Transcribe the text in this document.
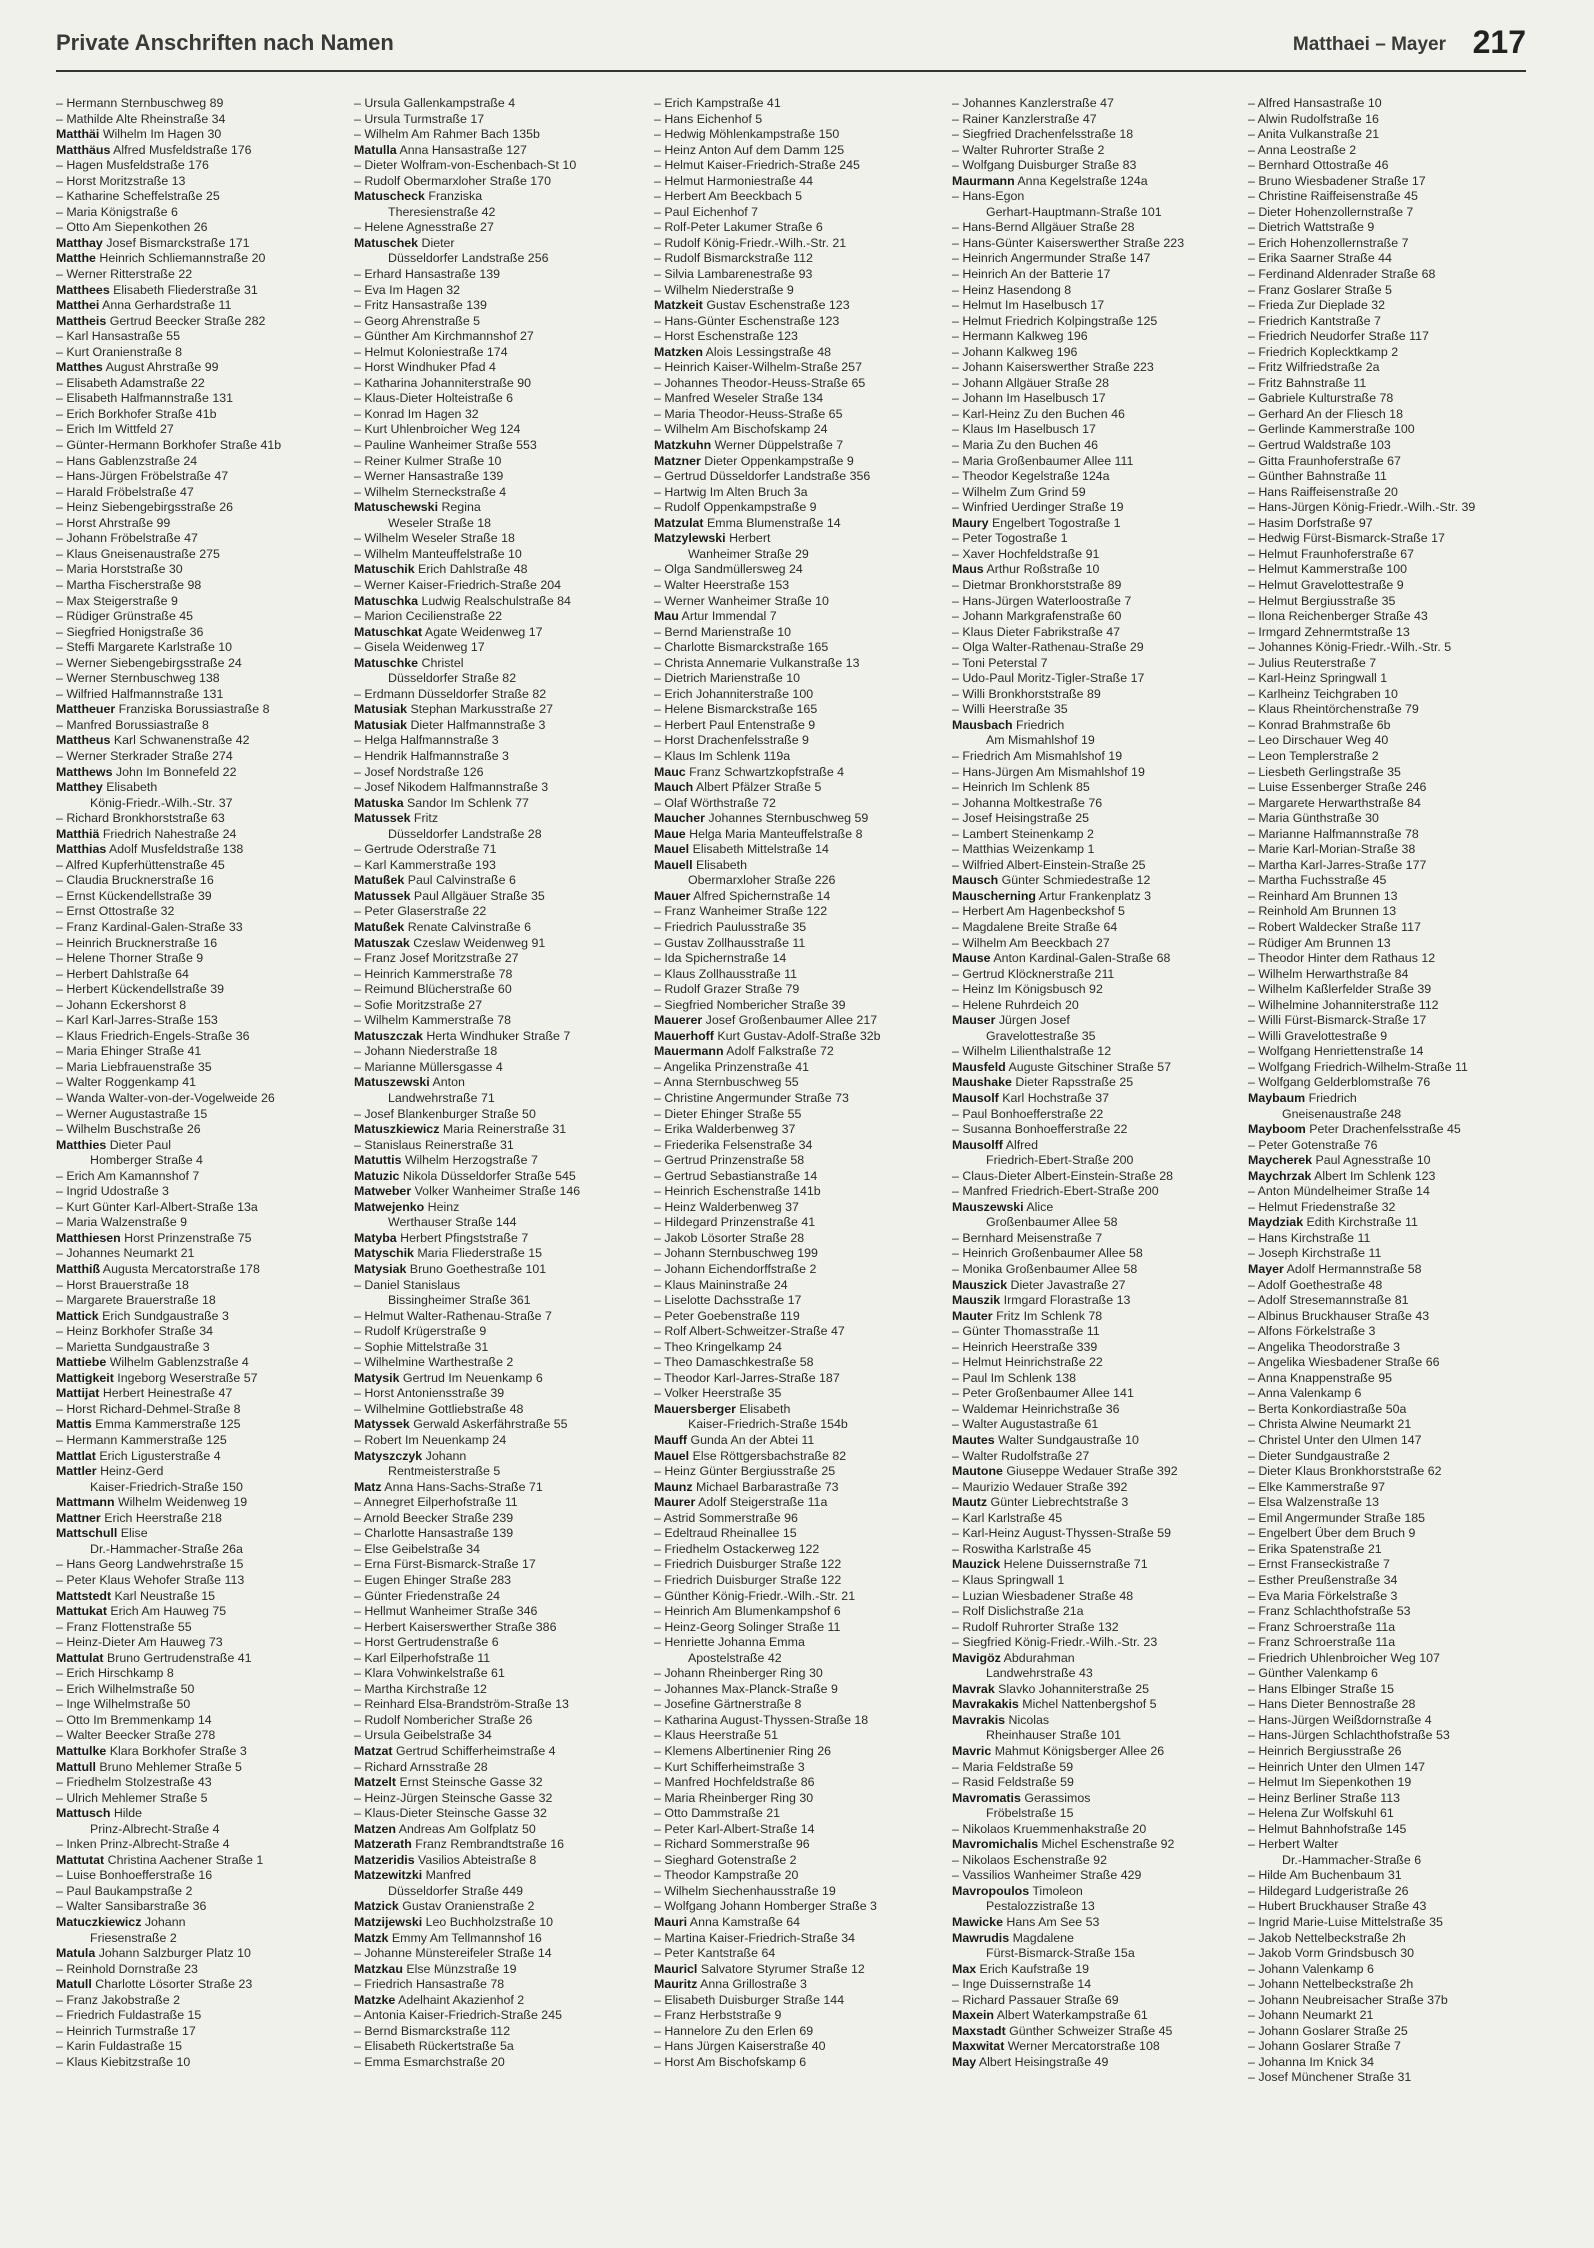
Private Anschriften nach Namen	Matthaei – Mayer 217
– Hermann Sternbuschweg 89
– Mathilde Alte Rheinstraße 34
Matthäi Wilhelm Im Hagen 30
Matthäus Alfred Musfeldstraße 176
– Hagen Musfeldstraße 176
– Horst Moritzstraße 13
– Katharine Scheffelstraße 25
– Maria Königstraße 6
– Otto Am Siepenkothen 26
Matthay Josef Bismarckstraße 171
Matthe Heinrich Schliemannstraße 20
– Werner Ritterstraße 22
Matthees Elisabeth Fliederstraße 31
Matthei Anna Gerhardstraße 11
Mattheis Gertrud Beecker Straße 282
– Karl Hansastraße 55
– Kurt Oranienstraße 8
Matthes August Ahrstraße 99
– Elisabeth Adamstraße 22
– Elisabeth Halfmannstraße 131
– Erich Borkhofer Straße 41b
– Erich Im Wittfeld 27
– Günter-Hermann Borkhofer Straße 41b
– Hans Gablenzstraße 24
– Hans-Jürgen Fröbelstraße 47
– Harald Fröbelstraße 47
– Heinz Siebengebirgsstraße 26
– Horst Ahrstraße 99
– Johann Fröbelstraße 47
– Klaus Gneisenaustraße 275
– Maria Horststraße 30
– Martha Fischerstraße 98
– Max Steigerstraße 9
– Rüdiger Grünstraße 45
– Siegfried Honigstraße 36
– Steffi Margarete Karlstraße 10
– Werner Siebengebirgsstraße 24
– Werner Sternbuschweg 138
– Wilfried Halfmannstraße 131
Mattheuer Franziska Borussiastraße 8
– Manfred Borussiastraße 8
Mattheus Karl Schwanenstraße 42
– Werner Sterkrader Straße 274
Matthews John Im Bonnefeld 22
Matthey Elisabeth
König-Friedr.-Wilh.-Str. 37
– Richard Bronkhorststraße 63
Matthiä Friedrich Nahestraße 24
Matthias Adolf Musfeldstraße 138
– Alfred Kupferhüttenstraße 45
– Claudia Brucknerstraße 16
– Ernst Kückendellstraße 39
– Ernst Ottostraße 32
– Franz Kardinal-Galen-Straße 33
– Heinrich Brucknerstraße 16
– Helene Thorner Straße 9
– Herbert Dahlstraße 64
– Herbert Kückendellstraße 39
– Johann Eckershorst 8
– Karl Karl-Jarres-Straße 153
– Klaus Friedrich-Engels-Straße 36
– Maria Ehinger Straße 41
– Maria Liebfrauenstraße 35
– Walter Roggenkamp 41
– Wanda Walter-von-der-Vogelweide 26
– Werner Augustastraße 15
– Wilhelm Buschstraße 26
Matthies Dieter Paul
Homberger Straße 4
– Erich Am Kamannshof 7
– Ingrid Udostraße 3
– Kurt Günter Karl-Albert-Straße 13a
– Maria Walzenstraße 9
Matthiesen Horst Prinzenstraße 75
– Johannes Neumarkt 21
Matthiß Augusta Mercatorstraße 178
– Horst Brauerstraße 18
– Margarete Brauerstraße 18
Mattick Erich Sundgaustraße 3
– Heinz Borkhofer Straße 34
– Marietta Sundgaustraße 3
Mattiebe Wilhelm Gablenzstraße 4
Mattigkeit Ingeborg Weserstraße 57
Mattijat Herbert Heinestraße 47
– Horst Richard-Dehmel-Straße 8
Mattis Emma Kammerstraße 125
– Hermann Kammerstraße 125
Mattlat Erich Ligusterstraße 4
Mattler Heinz-Gerd
Kaiser-Friedrich-Straße 150
Mattmann Wilhelm Weidenweg 19
Mattner Erich Heerstraße 218
Mattschull Elise
Dr.-Hammacher-Straße 26a
– Hans Georg Landwehrstraße 15
– Peter Klaus Wehofer Straße 113
Mattstedt Karl Neustraße 15
Mattukat Erich Am Hauweg 75
– Franz Flottenstraße 55
– Heinz-Dieter Am Hauweg 73
Mattulat Bruno Gertrudenstraße 41
– Erich Hirschkamp 8
– Erich Wilhelmstraße 50
– Inge Wilhelmstraße 50
– Otto Im Bremmenkamp 14
– Walter Beecker Straße 278
Mattulke Klara Borkhofer Straße 3
Mattull Bruno Mehlemer Straße 5
– Friedhelm Stolzestraße 43
– Ulrich Mehlemer Straße 5
Mattusch Hilde
Prinz-Albrecht-Straße 4
– Inken Prinz-Albrecht-Straße 4
Mattutat Christina Aachener Straße 1
– Luise Bonhoefferstraße 16
– Paul Baukampstraße 2
– Walter Sansibarstraße 36
Matuczkiewicz Johann
Friesenstraße 2
Matula Johann Salzburger Platz 10
– Reinhold Dornstraße 23
Matull Charlotte Lösorter Straße 23
– Franz Jakobstraße 2
– Friedrich Fuldastraße 15
– Heinrich Turmstraße 17
– Karin Fuldastraße 15
– Klaus Kiebitzstraße 10
– Ursula Gallenkampstraße 4
– Ursula Turmstraße 17
– Wilhelm Am Rahmer Bach 135b
Matulla Anna Hansastraße 127
– Dieter Wolfram-von-Eschenbach-St 10
– Rudolf Obermarxloher Straße 170
Matuscheck Franziska
Theresienstraße 42
– Helene Agnesstraße 27
Matuschek Dieter
Düsseldorfer Landstraße 256
– Erhard Hansastraße 139
– Eva Im Hagen 32
– Fritz Hansastraße 139
– Georg Ahrenstraße 5
– Günther Am Kirchmannshof 27
– Helmut Koloniestraße 174
– Horst Windhuker Pfad 4
– Katharina Johanniterstraße 90
– Klaus-Dieter Holteistraße 6
– Konrad Im Hagen 32
– Kurt Uhlenbroicher Weg 124
– Pauline Wanheimer Straße 553
– Reiner Kulmer Straße 10
– Werner Hansastraße 139
– Wilhelm Sterneckstraße 4
Matuschewski Regina
Weseler Straße 18
– Wilhelm Weseler Straße 18
– Wilhelm Manteuffelstraße 10
Matuschik Erich Dahlstraße 48
– Werner Kaiser-Friedrich-Straße 204
Matuschka Ludwig Realschulstraße 84
– Marion Cecilienstraße 22
Matuschkat Agate Weidenweg 17
– Gisela Weidenweg 17
Matuschke Christel
Düsseldorfer Straße 82
– Erdmann Düsseldorfer Straße 82
Matusiak Stephan Markusstraße 27
Matusiak Dieter Halfmannstraße 3
– Helga Halfmannstraße 3
– Hendrik Halfmannstraße 3
– Josef Nordstraße 126
– Josef Nikodem Halfmannstraße 3
Matuska Sandor Im Schlenk 77
Matussek Fritz
Düsseldorfer Landstraße 28
– Gertrude Oderstraße 71
– Karl Kammerstraße 193
Matußek Paul Calvinstraße 6
Matussek Paul Allgäuer Straße 35
– Peter Glaserstraße 22
Matußek Renate Calvinstraße 6
Matuszak Czeslaw Weidenweg 91
– Franz Josef Moritzstraße 27
– Heinrich Kammerstraße 78
– Reimund Blücherstraße 60
– Sofie Moritzstraße 27
– Wilhelm Kammerstraße 78
Matuszczak Herta Windhuker Straße 7
– Johann Niederstraße 18
– Marianne Müllersgasse 4
Matuszewski Anton
Landwehrstraße 71
– Josef Blankenburger Straße 50
Matuszkiewicz Maria Reinerstraße 31
– Stanislaus Reinerstraße 31
Matuttis Wilhelm Herzogstraße 7
Matuzic Nikola Düsseldorfer Straße 545
Matweber Volker Wanheimer Straße 146
Matwejenko Heinz
Werthauser Straße 144
Matyba Herbert Pfingststraße 7
Matyschik Maria Fliederstraße 15
Matysiak Bruno Goethestraße 101
– Daniel Stanislaus
Bissingheimer Straße 361
– Helmut Walter-Rathenau-Straße 7
– Rudolf Krügerstraße 9
– Sophie Mittelstraße 31
– Wilhelmine Warthestraße 2
Matysik Gertrud Im Neuenkamp 6
– Horst Antoniensstraße 39
– Wilhelmine Gottliebstraße 48
Matyssek Gerwald Askerfährstraße 55
– Robert Im Neuenkamp 24
Matyszczyk Johann
Rentmeisterstraße 5
Matz Anna Hans-Sachs-Straße 71
– Annegret Eilperhofstraße 11
– Arnold Beecker Straße 239
– Charlotte Hansastraße 139
– Else Geibelstraße 34
– Erna Fürst-Bismarck-Straße 17
– Eugen Ehinger Straße 283
– Günter Friedenstraße 24
– Hellmut Wanheimer Straße 346
– Herbert Kaiserswerther Straße 386
– Horst Gertrudenstraße 6
– Karl Eilperhofstraße 11
– Klara Vohwinkelstraße 61
– Martha Kirchstraße 12
– Reinhard Elsa-Brandström-Straße 13
– Rudolf Nombericher Straße 26
– Ursula Geibelstraße 34
Matzat Gertrud Schifferheimstraße 4
– Richard Arnsstraße 28
Matzelt Ernst Steinsche Gasse 32
– Heinz-Jürgen Steinsche Gasse 32
– Klaus-Dieter Steinsche Gasse 32
Matzen Andreas Am Golfplatz 50
Matzerath Franz Rembrandtstraße 16
Matzeridis Vasilios Abteistraße 8
Matzewitzki Manfred
Düsseldorfer Straße 449
Matzick Gustav Oranienstraße 2
Matzijewski Leo Buchholzstraße 10
Matzk Emmy Am Tellmannshof 16
– Johanne Münstereifeler Straße 14
Matzkau Else Münzstraße 19
– Friedrich Hansastraße 78
Matzke Adelhaint Akazienhof 2
– Antonia Kaiser-Friedrich-Straße 245
– Bernd Bismarckstraße 112
– Elisabeth Rückertstraße 5a
– Emma Esmarchstraße 20
– Erich Kampstraße 41
– Hans Eichenhof 5
– Hedwig Möhlenkampstraße 150
– Heinz Anton Auf dem Damm 125
– Helmut Kaiser-Friedrich-Straße 245
– Helmut Harmoniestraße 44
– Herbert Am Beeckbach 5
– Paul Eichenhof 7
– Rolf-Peter Lakumer Straße 6
– Rudolf König-Friedr.-Wilh.-Str. 21
– Rudolf Bismarckstraße 112
– Silvia Lambarenestraße 93
– Wilhelm Niederstraße 9
Matzkeit Gustav Eschenstraße 123
– Hans-Günter Eschenstraße 123
– Horst Eschenstraße 123
Matzken Alois Lessingstraße 48
– Heinrich Kaiser-Wilhelm-Straße 257
– Johannes Theodor-Heuss-Straße 65
– Manfred Weseler Straße 134
– Maria Theodor-Heuss-Straße 65
– Wilhelm Am Bischofskamp 24
Matzkuhn Werner Düppelstraße 7
Matzner Dieter Oppenkampstraße 9
– Gertrud Düsseldorfer Landstraße 356
– Hartwig Im Alten Bruch 3a
– Rudolf Oppenkampstraße 9
Matzulat Emma Blumenstraße 14
Matzylewski Herbert
Wanheimer Straße 29
– Olga Sandmüllersweg 24
– Walter Heerstraße 153
– Werner Wanheimer Straße 10
Mau Artur Immendal 7
– Bernd Marienstraße 10
– Charlotte Bismarckstraße 165
– Christa Annemarie Vulkanstraße 13
– Dietrich Marienstraße 10
– Erich Johanniterstraße 100
– Helene Bismarckstraße 165
– Herbert Paul Entenstraße 9
– Horst Drachenfelsstraße 9
– Klaus Im Schlenk 119a
Mauc Franz Schwartzkopfstraße 4
Mauch Albert Pfälzer Straße 5
– Olaf Wörthstraße 72
Maucher Johannes Sternbuschweg 59
Maue Helga Maria Manteuffelstraße 8
Mauel Elisabeth Mittelstraße 14
Mauell Elisabeth
Obermarxloher Straße 226
Mauer Alfred Spichernstraße 14
– Franz Wanheimer Straße 122
– Friedrich Paulusstraße 35
– Gustav Zollhausstraße 11
– Ida Spichernstraße 14
– Klaus Zollhausstraße 11
– Rudolf Grazer Straße 79
– Siegfried Nombericher Straße 39
Mauerer Josef Großenbaumer Allee 217
Mauerhoff Kurt Gustav-Adolf-Straße 32b
Mauermann Adolf Falkstraße 72
– Angelika Prinzenstraße 41
– Anna Sternbuschweg 55
– Christine Angermunder Straße 73
– Dieter Ehinger Straße 55
– Erika Walderbenweg 37
– Friederika Felsenstraße 34
– Gertrud Prinzenstraße 58
– Gertrud Sebastianstraße 14
– Heinrich Eschenstraße 141b
– Heinz Walderbenweg 37
– Hildegard Prinzenstraße 41
– Jakob Lösorter Straße 28
– Johann Sternbuschweg 199
– Johann Eichendorffstraße 2
– Klaus Maininstraße 24
– Liselotte Dachsstraße 17
– Peter Goebenstraße 119
– Rolf Albert-Schweitzer-Straße 47
– Theo Kringelkamp 24
– Theo Damaschkestraße 58
– Theodor Karl-Jarres-Straße 187
– Volker Heerstraße 35
Mauersberger Elisabeth
Kaiser-Friedrich-Straße 154b
Mauff Gunda An der Abtei 11
Mauel Else Röttgersbachstraße 82
– Heinz Günter Bergiusstraße 25
Maunz Michael Barbarastraße 73
Maurer Adolf Steigerstraße 11a
– Astrid Sommerstraße 96
– Edeltraud Rheinallee 15
– Friedhelm Ostackerweg 122
– Friedrich Duisburger Straße 122
– Friedrich Duisburger Straße 122
– Günther König-Friedr.-Wilh.-Str. 21
– Heinrich Am Blumenkampshof 6
– Heinz-Georg Solinger Straße 11
– Henriette Johanna Emma
Apostelstraße 42
– Johann Rheinberger Ring 30
– Johannes Max-Planck-Straße 9
– Josefine Gärtnerstraße 8
– Katharina August-Thyssen-Straße 18
– Klaus Heerstraße 51
– Klemens Albertinenier Ring 26
– Kurt Schifferheimstraße 3
– Manfred Hochfeldstraße 86
– Maria Rheinberger Ring 30
– Otto Dammstraße 21
– Peter Karl-Albert-Straße 14
– Richard Sommerstraße 96
– Sieghard Gotenstraße 2
– Theodor Kampstraße 20
– Wilhelm Siechenhausstraße 19
– Wolfgang Johann Homberger Straße 3
Mauri Anna Kamstraße 64
– Martina Kaiser-Friedrich-Straße 34
– Peter Kantstraße 64
Mauricl Salvatore Styrumer Straße 12
Mauritz Anna Grillostraße 3
– Elisabeth Duisburger Straße 144
– Franz Herbststraße 9
– Hannelore Zu den Erlen 69
– Hans Jürgen Kaiserstraße 40
– Horst Am Bischofskamp 6
– Johannes Kanzlerstraße 47
– Rainer Kanzlerstraße 47
– Siegfried Drachenfelsstraße 18
– Walter Ruhrorter Straße 2
– Wolfgang Duisburger Straße 83
Maurmann Anna Kegelstraße 124a
– Hans-Egon
Gerhart-Hauptmann-Straße 101
– Hans-Bernd Allgäuer Straße 28
– Hans-Günter Kaiserswerther Straße 223
– Heinrich Angermunder Straße 147
– Heinrich An der Batterie 17
– Heinz Hasendong 8
– Helmut Im Haselbusch 17
– Helmut Friedrich Kolpingstraße 125
– Hermann Kalkweg 196
– Johann Kalkweg 196
– Johann Kaiserswerther Straße 223
– Johann Allgäuer Straße 28
– Johann Im Haselbusch 17
– Karl-Heinz Zu den Buchen 46
– Klaus Im Haselbusch 17
– Maria Zu den Buchen 46
– Maria Großenbaumer Allee 111
– Theodor Kegelstraße 124a
– Wilhelm Zum Grind 59
– Winfried Uerdinger Straße 19
Maury Engelbert Togostraße 1
– Peter Togostraße 1
– Xaver Hochfeldstraße 91
Maus Arthur Roßstraße 10
– Dietmar Bronkhorststraße 89
– Hans-Jürgen Waterloostraße 7
– Johann Markgrafenstraße 60
– Klaus Dieter Fabrikstraße 47
– Olga Walter-Rathenau-Straße 29
– Toni Peterstal 7
– Udo-Paul Moritz-Tigler-Straße 17
– Willi Bronkhorststraße 89
– Willi Heerstraße 35
Mausbach Friedrich
Am Mismahlshof 19
– Friedrich Am Mismahlshof 19
– Hans-Jürgen Am Mismahlshof 19
– Heinrich Im Schlenk 85
– Johanna Moltkestraße 76
– Josef Heisingstraße 25
– Lambert Steinenkamp 2
– Matthias Weizenkamp 1
– Wilfried Albert-Einstein-Straße 25
Mausch Günter Schmiedestraße 12
Mauscherning Artur Frankenplatz 3
– Herbert Am Hagenbeckshof 5
– Magdalene Breite Straße 64
– Wilhelm Am Beeckbach 27
Mause Anton Kardinal-Galen-Straße 68
– Gertrud Klöcknerstraße 211
– Heinz Im Königsbusch 92
– Helene Ruhrdeich 20
Mauser Jürgen Josef
Gravelottestraße 35
– Wilhelm Lilienthalstraße 12
Mausfeld Auguste Gitschiner Straße 57
Maushake Dieter Rapsstraße 25
Mausolf Karl Hochstraße 37
– Paul Bonhoefferstraße 22
– Susanna Bonhoefferstraße 22
Mausolff Alfred
Friedrich-Ebert-Straße 200
– Claus-Dieter Albert-Einstein-Straße 28
– Manfred Friedrich-Ebert-Straße 200
Mauszewski Alice
Großenbaumer Allee 58
– Bernhard Meisenstraße 7
– Heinrich Großenbaumer Allee 58
– Monika Großenbaumer Allee 58
Mauszick Dieter Javastraße 27
Mauszik Irmgard Florastraße 13
Mauter Fritz Im Schlenk 78
– Günter Thomasstraße 11
– Heinrich Heerstraße 339
– Helmut Heinrichstraße 22
– Paul Im Schlenk 138
– Peter Großenbaumer Allee 141
– Waldemar Heinrichstraße 36
– Walter Augustastraße 61
Mautes Walter Sundgaustraße 10
– Walter Rudolfstraße 27
Mautone Giuseppe Wedauer Straße 392
– Maurizio Wedauer Straße 392
Mautz Günter Liebrechtstraße 3
– Karl Karlstraße 45
– Karl-Heinz August-Thyssen-Straße 59
– Roswitha Karlstraße 45
Mauzick Helene Duissernstraße 71
– Klaus Springwall 1
– Luzian Wiesbadener Straße 48
– Rolf Dislichstraße 21a
– Rudolf Ruhrorter Straße 132
– Siegfried König-Friedr.-Wilh.-Str. 23
Mavigöz Abdurahman
Landwehrstraße 43
Mavrak Slavko Johanniterstraße 25
Mavrakakis Michel Nattenbergshof 5
Mavrakis Nicolas
Rheinhauser Straße 101
Mavric Mahmut Königsberger Allee 26
– Maria Feldstraße 59
– Rasid Feldstraße 59
Mavromatis Gerassimos
Fröbelstraße 15
– Nikolaos Kruemmenhakstraße 20
Mavromichalis Michel Eschenstraße 92
– Nikolaos Eschenstraße 92
– Vassilios Wanheimer Straße 429
Mavropoulos Timoleon
Pestalozzistraße 13
Mawicke Hans Am See 53
Mawrudis Magdalene
Fürst-Bismarck-Straße 15a
Max Erich Kaufstraße 19
– Inge Duissernstraße 14
– Richard Passauer Straße 69
Maxein Albert Waterkampstraße 61
Maxstadt Günther Schweizer Straße 45
Maxwitat Werner Mercatorstraße 108
May Albert Heisingstraße 49
– Alfred Hansastraße 10
– Alwin Rudolfstraße 16
– Anita Vulkanstraße 21
– Anna Leostraße 2
– Bernhard Ottostraße 46
– Bruno Wiesbadener Straße 17
– Christine Raiffeisenstraße 45
– Dieter Hohenzollernstraße 7
– Dietrich Wattstraße 9
– Erich Hohenzollernstraße 7
– Erika Saarner Straße 44
– Ferdinand Aldenrader Straße 68
– Franz Goslarer Straße 5
– Frieda Zur Dieplade 32
– Friedrich Kantstraße 7
– Friedrich Neudorfer Straße 117
– Friedrich Koplecktkamp 2
– Fritz Wilfriedstraße 2a
– Fritz Bahnstraße 11
– Gabriele Kulturstraße 78
– Gerhard An der Fliesch 18
– Gerlinde Kammerstraße 100
– Gertrud Waldstraße 103
– Gitta Fraunhoferstraße 67
– Günther Bahnstraße 11
– Hans Raiffeisenstraße 20
– Hans-Jürgen König-Friedr.-Wilh.-Str. 39
– Hasim Dorfstraße 97
– Hedwig Fürst-Bismarck-Straße 17
– Helmut Fraunhoferstraße 67
– Helmut Kammerstraße 100
– Helmut Gravelottestraße 9
– Helmut Bergiusstraße 35
– Ilona Reichenberger Straße 43
– Irmgard Zehnermtstraße 13
– Johannes König-Friedr.-Wilh.-Str. 5
– Julius Reuterstraße 7
– Karl-Heinz Springwall 1
– Karlheinz Teichgraben 10
– Klaus Rheintörchenstraße 79
– Konrad Brahmstraße 6b
– Leo Dirschauer Weg 40
– Leon Templerstraße 2
– Liesbeth Gerlingstraße 35
– Luise Essenberger Straße 246
– Margarete Herwarthstraße 84
– Maria Günthstraße 30
– Marianne Halfmannstraße 78
– Marie Karl-Morian-Straße 38
– Martha Karl-Jarres-Straße 177
– Martha Fuchsstraße 45
– Reinhard Am Brunnen 13
– Reinhold Am Brunnen 13
– Robert Waldecker Straße 117
– Rüdiger Am Brunnen 13
– Theodor Hinter dem Rathaus 12
– Wilhelm Herwarthstraße 84
– Wilhelm Kaßlerfelder Straße 39
– Wilhelmine Johanniterstraße 112
– Willi Fürst-Bismarck-Straße 17
– Willi Gravelottestraße 9
– Wolfgang Henriettenstraße 14
– Wolfgang Friedrich-Wilhelm-Straße 11
– Wolfgang Gelderblomstraße 76
Maybaum Friedrich
Gneisenaustraße 248
Mayboom Peter Drachenfelsstraße 45
– Peter Gotenstraße 76
Maycherek Paul Agnesstraße 10
Maychrzak Albert Im Schlenk 123
– Anton Mündelheimer Straße 14
– Helmut Friedenstraße 32
Maydziak Edith Kirchstraße 11
– Hans Kirchstraße 11
– Joseph Kirchstraße 11
Mayer Adolf Hermannstraße 58
– Adolf Goethestraße 48
– Adolf Stresemannstraße 81
– Albinus Bruckhauser Straße 43
– Alfons Förkelstraße 3
– Angelika Theodorstraße 3
– Angelika Wiesbadener Straße 66
– Anna Knappenstraße 95
– Anna Valenkamp 6
– Berta Konkordiastraße 50a
– Christa Alwine Neumarkt 21
– Christel Unter den Ulmen 147
– Dieter Sundgaustraße 2
– Dieter Klaus Bronkhorststraße 62
– Elke Kammerstraße 97
– Elsa Walzenstraße 13
– Emil Angermunder Straße 185
– Engelbert Über dem Bruch 9
– Erika Spatenstraße 21
– Ernst Franseckistraße 7
– Esther Preußenstraße 34
– Eva Maria Förkelstraße 3
– Franz Schlachthofstraße 53
– Franz Schroerstraße 11a
– Franz Schroerstraße 11a
– Friedrich Uhlenbroicher Weg 107
– Günther Valenkamp 6
– Hans Elbinger Straße 15
– Hans Dieter Bennostraße 28
– Hans-Jürgen Weißdornstraße 4
– Hans-Jürgen Schlachthofstraße 53
– Heinrich Bergiusstraße 26
– Heinrich Unter den Ulmen 147
– Helmut Im Siepenkothen 19
– Heinz Berliner Straße 113
– Helena Zur Wolfskuhl 61
– Helmut Bahnhofstraße 145
– Herbert Walter
Dr.-Hammacher-Straße 6
– Hilde Am Buchenbaum 31
– Hildegard Ludgeristraße 26
– Hubert Bruckhauser Straße 43
– Ingrid Marie-Luise Mittelstraße 35
– Jakob Nettelbeckstraße 2h
– Jakob Vorm Grindsbusch 30
– Johann Valenkamp 6
– Johann Nettelbeckstraße 2h
– Johann Neubreisacher Straße 37b
– Johann Neumarkt 21
– Johann Goslarer Straße 25
– Johann Goslarer Straße 7
– Johanna Im Knick 34
– Josef Münchener Straße 31
